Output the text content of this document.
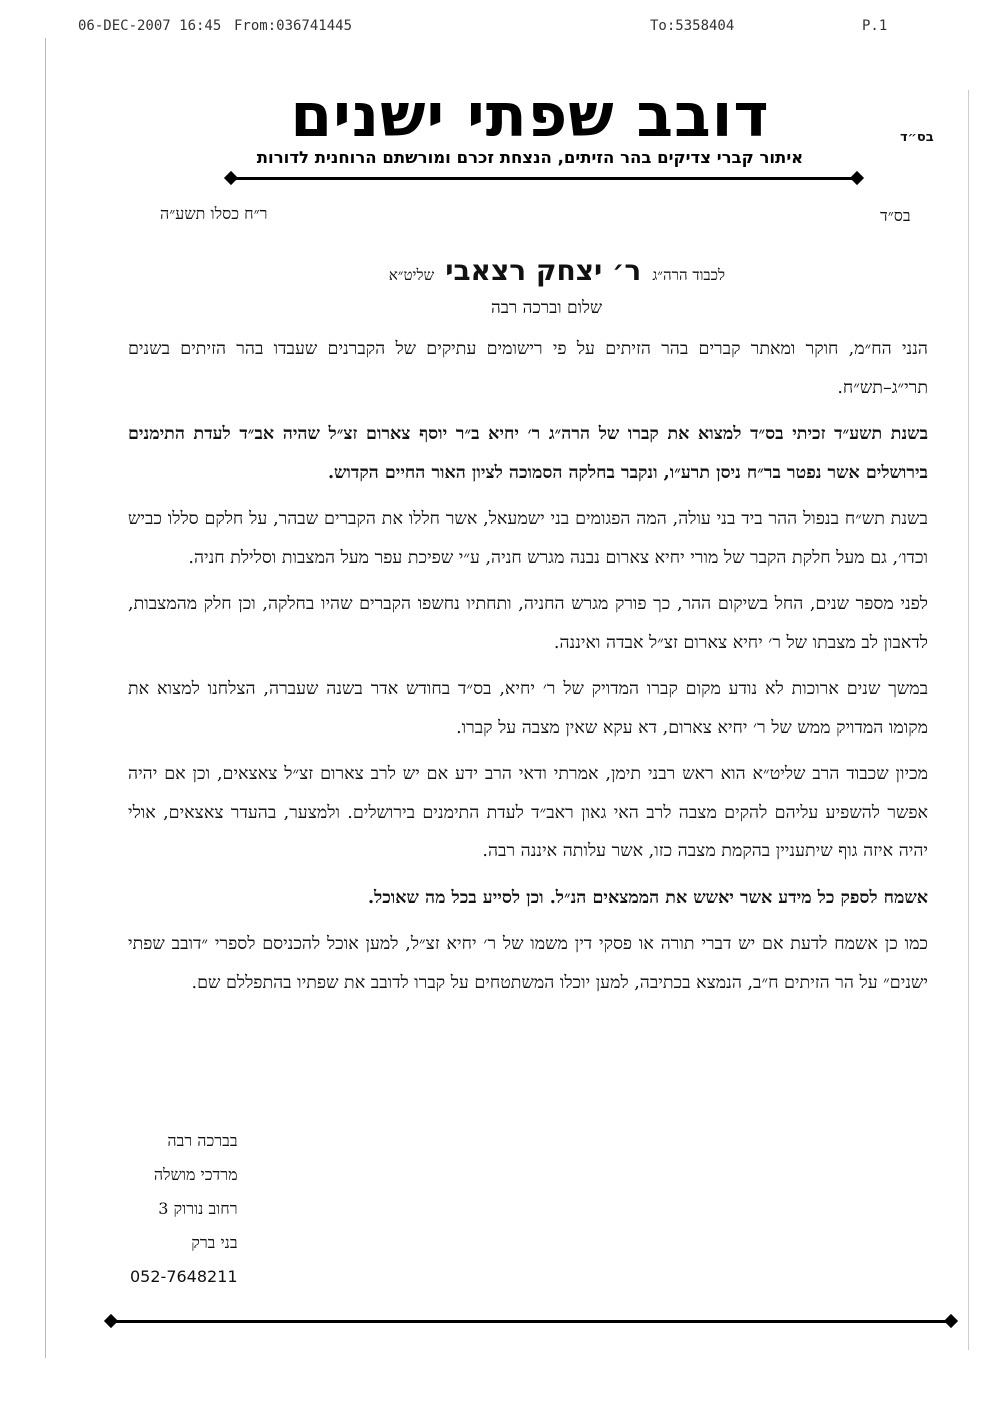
06-DEC-2007 16:45 From:036741445	To:5358404	P.1
דובב שפתי ישנים
איתור קברי צדיקים בהר הזיתים, הנצחת זכרם ומורשתם הרוחנית לדורות
בס״ד
בס״ד
ר״ח כסלו תשע״ה
לכבוד הרה״ג ר׳ יצחק רצאבי שליט״א
שלום וברכה רבה

הנני הח״מ, חוקר ומאתר קברים בהר הזיתים על פי רישומים עתיקים של הקברנים שעבדו בהר הזיתים בשנים תרי״ג–תש״ח.

בשנת תשע״ד זכיתי בס״ד למצוא את קברו של הרה״ג ר׳ יחיא ב״ר יוסף צארום זצ״ל שהיה אב״ד לעדת התימנים בירושלים אשר נפטר בר״ח ניסן תרע״ו, ונקבר בחלקה הסמוכה לציון האור החיים הקדוש.

בשנת תש״ח בנפול ההר ביד בני עולה, המה הפגומים בני ישמעאל, אשר חללו את הקברים שבהר, על חלקם סללו כביש וכדו׳, גם מעל חלקת הקבר של מורי יחיא צארום נבנה מגרש חניה, ע״י שפיכת עפר מעל המצבות וסלילת חניה.

לפני מספר שנים, החל בשיקום ההר, כך פורק מגרש החניה, ותחתיו נחשפו הקברים שהיו בחלקה, וכן חלק מהמצבות, לדאבון לב מצבתו של ר׳ יחיא צארום זצ״ל אבדה ואיננה.

במשך שנים ארוכות לא נודע מקום קברו המדויק של ר׳ יחיא, בס״ד בחודש אדר בשנה שעברה, הצלחנו למצוא את מקומו המדויק ממש של ר׳ יחיא צארום, דא עקא שאין מצבה על קברו.

מכיון שכבוד הרב שליט״א הוא ראש רבני תימן, אמרתי ודאי הרב ידע אם יש לרב צארום זצ״ל צאצאים, וכן אם יהיה אפשר להשפיע עליהם להקים מצבה לרב האי גאון ראב״ד לעדת התימנים בירושלים. ולמצער, בהעדר צאצאים, אולי יהיה איזה גוף שיתעניין בהקמת מצבה כזו, אשר עלותה איננה רבה.

אשמח לספק כל מידע אשר יאשש את הממצאים הנ״ל. וכן לסייע בכל מה שאוכל.

כמו כן אשמח לדעת אם יש דברי תורה או פסקי דין משמו של ר׳ יחיא זצ״ל, למען אוכל להכניסם לספרי ״דובב שפתי ישנים״ על הר הזיתים ח״ב, הנמצא בכתיבה, למען יוכלו המשתטחים על קברו לדובב את שפתיו בהתפללם שם.

בברכה רבה
מרדכי מושלה
רחוב נורוק 3
בני ברק
052-7648211
